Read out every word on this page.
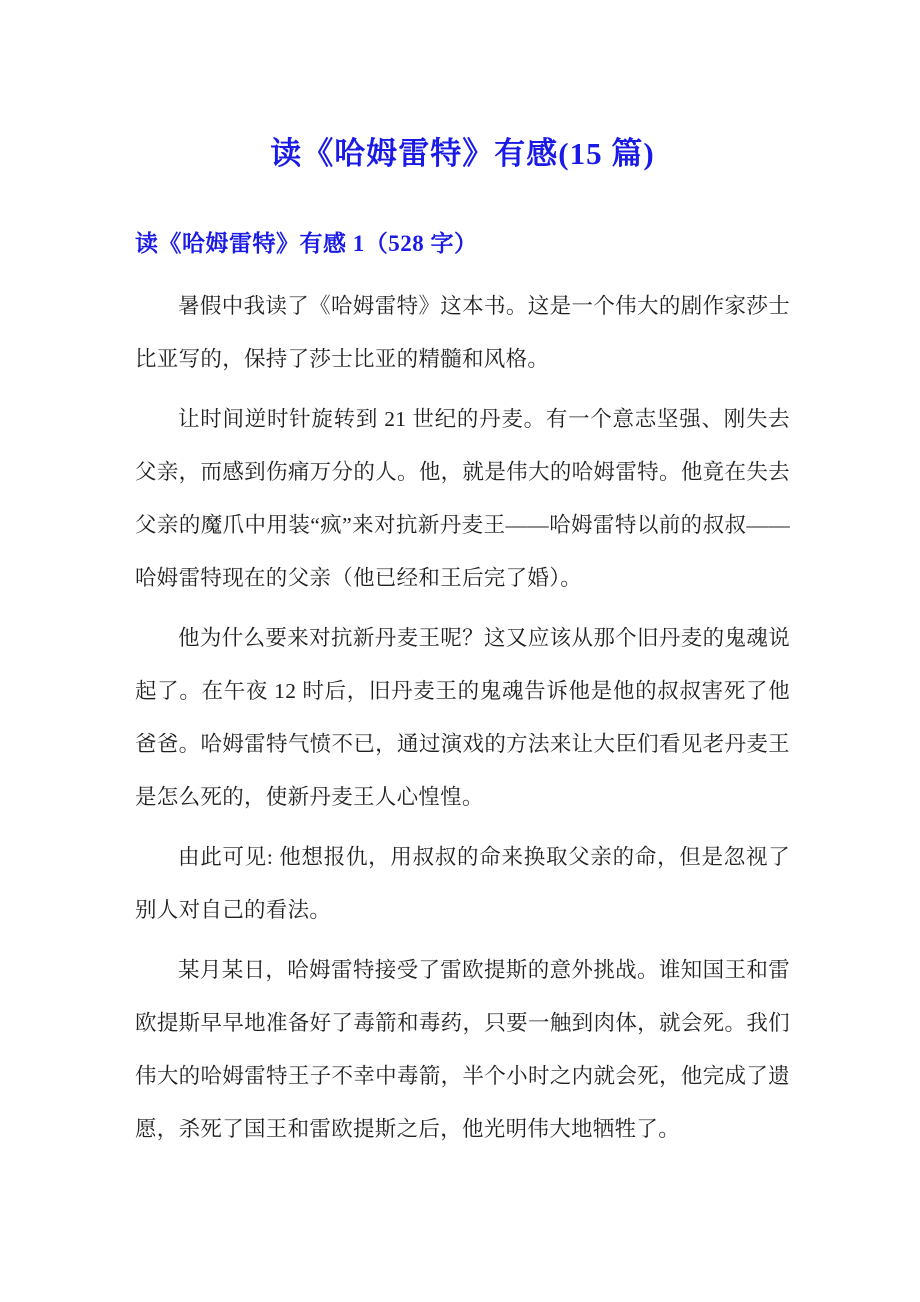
读《哈姆雷特》有感(15 篇)
读《哈姆雷特》有感 1（528 字）

暑假中我读了《哈姆雷特》这本书。这是一个伟大的剧作家莎士比亚写的，保持了莎士比亚的精髓和风格。

让时间逆时针旋转到 21 世纪的丹麦。有一个意志坚强、刚失去父亲，而感到伤痛万分的人。他，就是伟大的哈姆雷特。他竟在失去父亲的魔爪中用装“疯”来对抗新丹麦王——哈姆雷特以前的叔叔——哈姆雷特现在的父亲（他已经和王后完了婚）。

他为什么要来对抗新丹麦王呢？这又应该从那个旧丹麦的鬼魂说起了。在午夜 12 时后，旧丹麦王的鬼魂告诉他是他的叔叔害死了他爸爸。哈姆雷特气愤不已，通过演戏的方法来让大臣们看见老丹麦王是怎么死的，使新丹麦王人心惶惶。

由此可见: 他想报仇，用叔叔的命来换取父亲的命，但是忽视了别人对自己的看法。

某月某日，哈姆雷特接受了雷欧提斯的意外挑战。谁知国王和雷欧提斯早早地准备好了毒箭和毒药，只要一触到肉体，就会死。我们伟大的哈姆雷特王子不幸中毒箭，半个小时之内就会死，他完成了遗愿，杀死了国王和雷欧提斯之后，他光明伟大地牺牲了。
